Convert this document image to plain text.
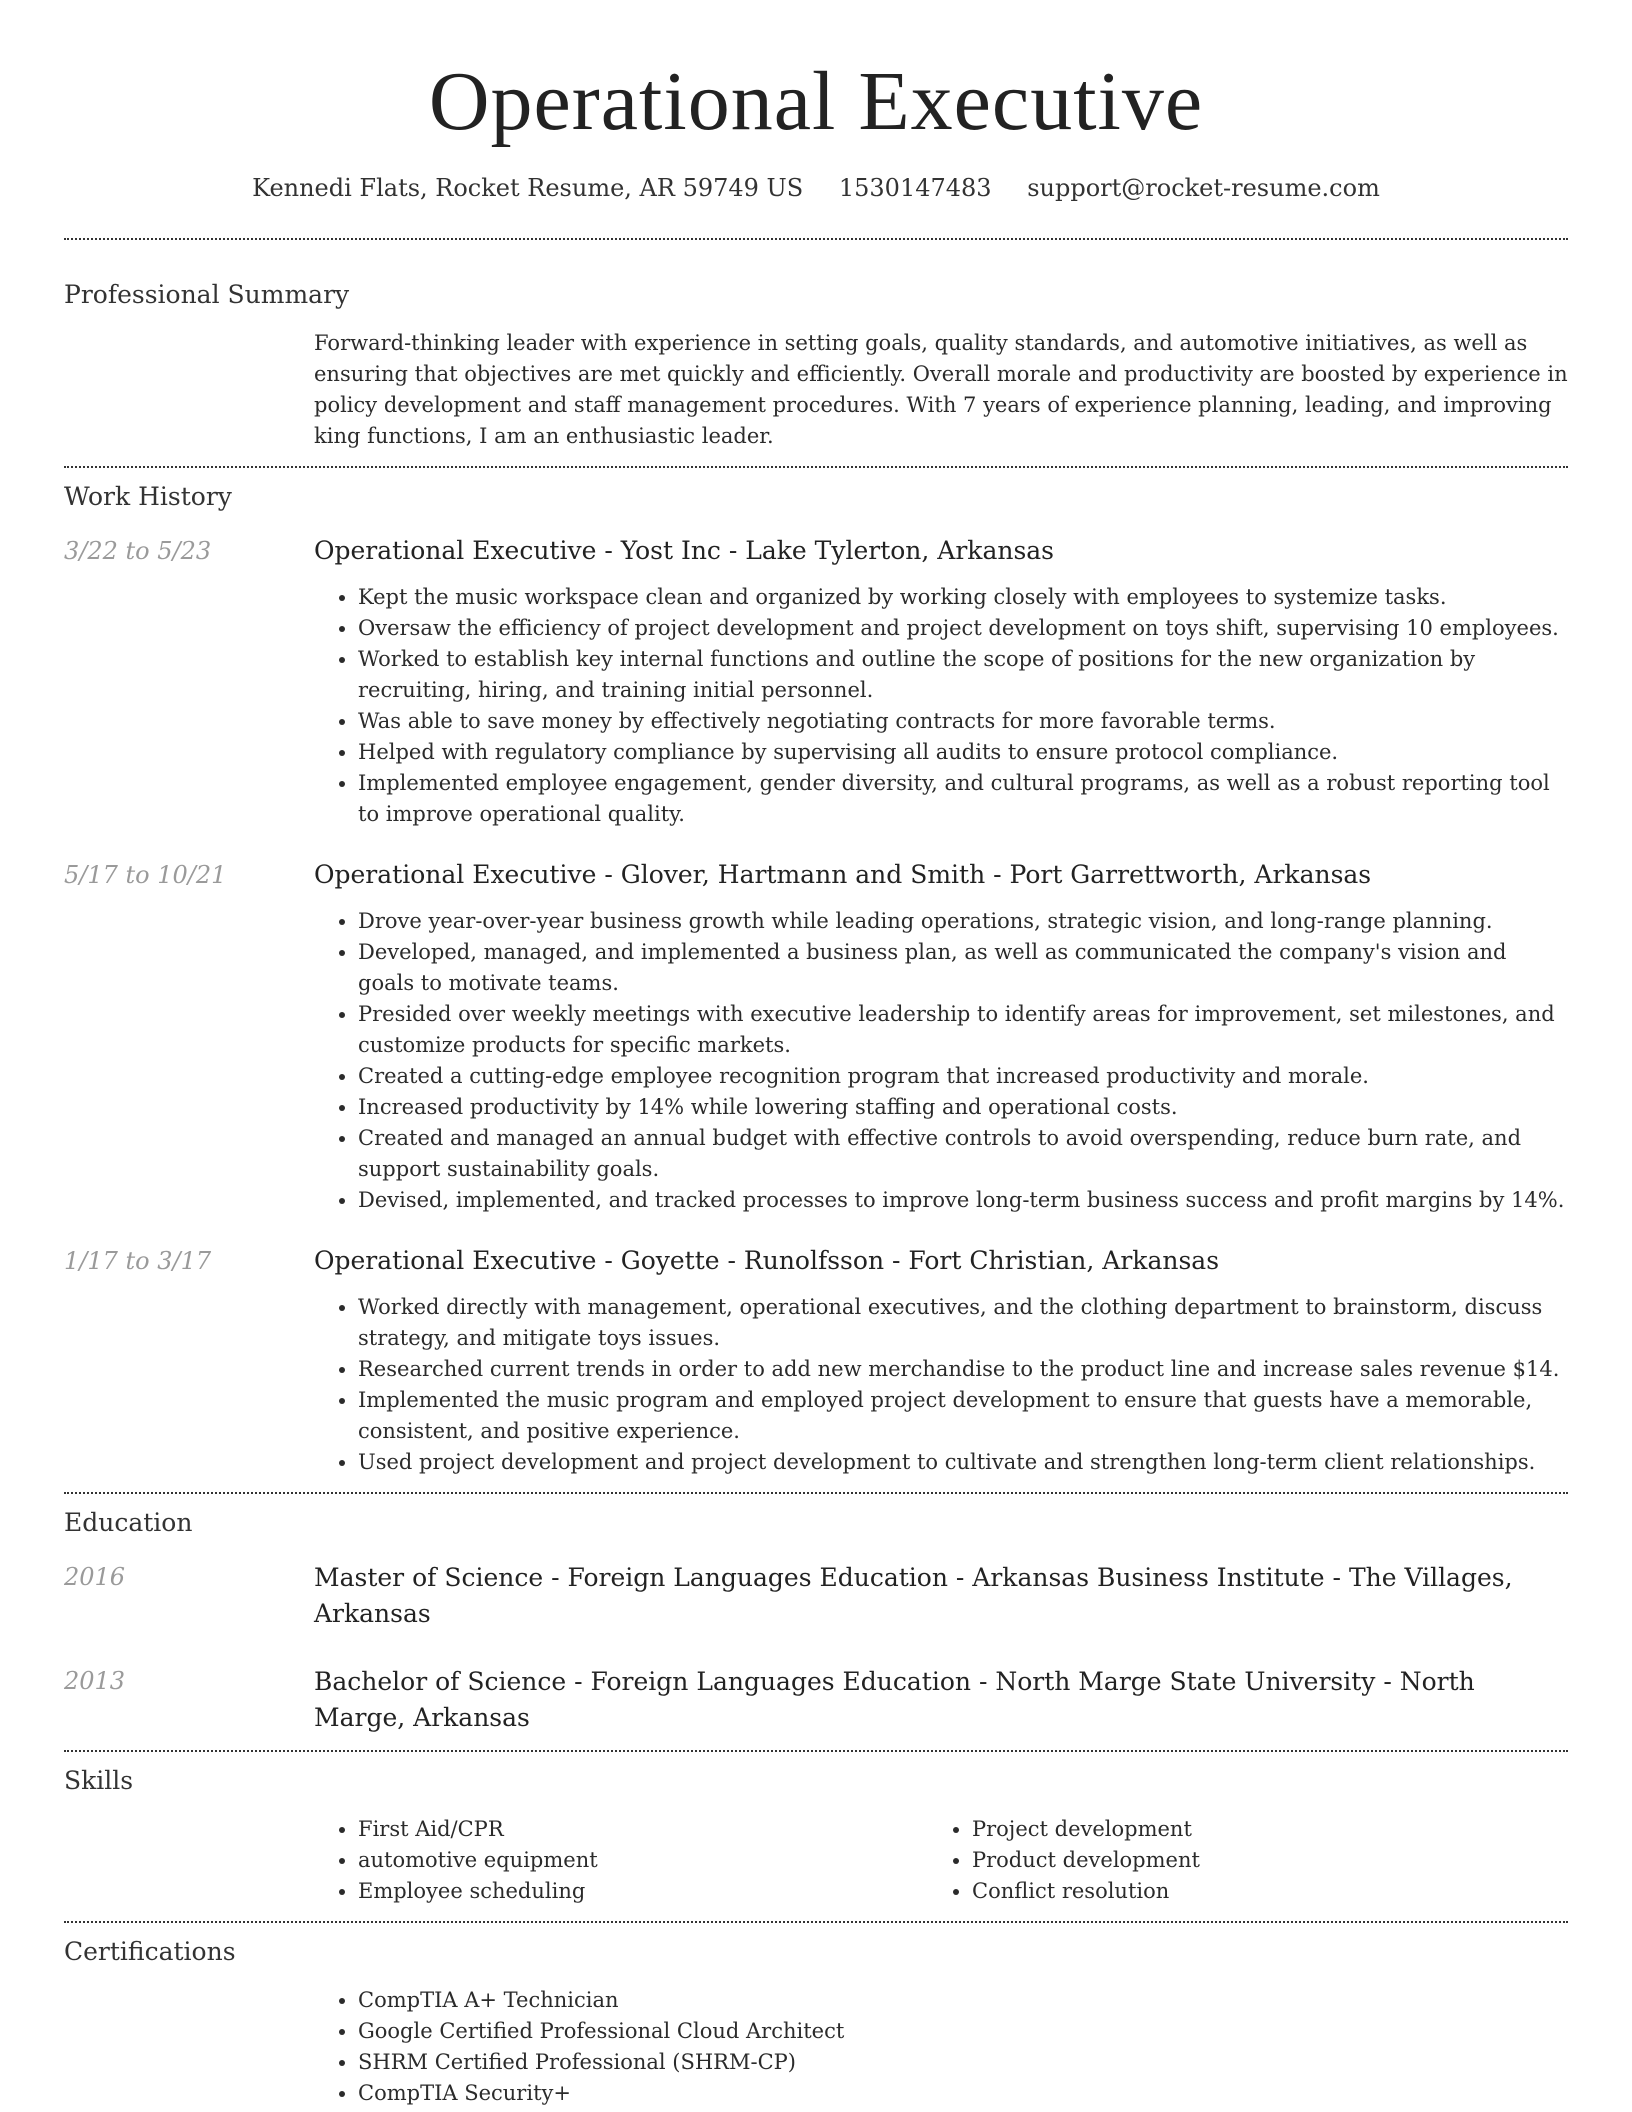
Operational Executive
Kennedi Flats, Rocket Resume, AR 59749 US 1530147483 support@rocket-resume.com
Professional Summary
Forward-thinking leader with experience in setting goals, quality standards, and automotive initiatives, as well as ensuring that objectives are met quickly and efficiently. Overall morale and productivity are boosted by experience in policy development and staff management procedures. With 7 years of experience planning, leading, and improving king functions, I am an enthusiastic leader.
Work History
3/22 to 5/23	Operational Executive - Yost Inc - Lake Tylerton, Arkansas
• Kept the music workspace clean and organized by working closely with employees to systemize tasks.
• Oversaw the efficiency of project development and project development on toys shift, supervising 10 employees.
• Worked to establish key internal functions and outline the scope of positions for the new organization by recruiting, hiring, and training initial personnel.
• Was able to save money by effectively negotiating contracts for more favorable terms.
• Helped with regulatory compliance by supervising all audits to ensure protocol compliance.
• Implemented employee engagement, gender diversity, and cultural programs, as well as a robust reporting tool to improve operational quality.
5/17 to 10/21	Operational Executive - Glover, Hartmann and Smith - Port Garrettworth, Arkansas
• Drove year-over-year business growth while leading operations, strategic vision, and long-range planning.
• Developed, managed, and implemented a business plan, as well as communicated the company's vision and goals to motivate teams.
• Presided over weekly meetings with executive leadership to identify areas for improvement, set milestones, and customize products for specific markets.
• Created a cutting-edge employee recognition program that increased productivity and morale.
• Increased productivity by 14% while lowering staffing and operational costs.
• Created and managed an annual budget with effective controls to avoid overspending, reduce burn rate, and support sustainability goals.
• Devised, implemented, and tracked processes to improve long-term business success and profit margins by 14%.
1/17 to 3/17	Operational Executive - Goyette - Runolfsson - Fort Christian, Arkansas
• Worked directly with management, operational executives, and the clothing department to brainstorm, discuss strategy, and mitigate toys issues.
• Researched current trends in order to add new merchandise to the product line and increase sales revenue $14.
• Implemented the music program and employed project development to ensure that guests have a memorable, consistent, and positive experience.
• Used project development and project development to cultivate and strengthen long-term client relationships.
Education
2016	Master of Science - Foreign Languages Education - Arkansas Business Institute - The Villages, Arkansas
2013	Bachelor of Science - Foreign Languages Education - North Marge State University - North Marge, Arkansas
Skills
• First Aid/CPR
• automotive equipment
• Employee scheduling
• Project development
• Product development
• Conflict resolution
Certifications
• CompTIA A+ Technician
• Google Certified Professional Cloud Architect
• SHRM Certified Professional (SHRM-CP)
• CompTIA Security+
